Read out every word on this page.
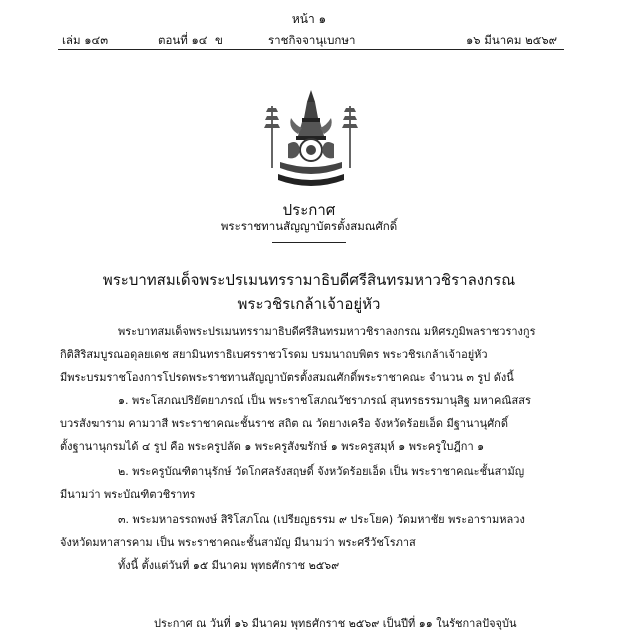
หน้า ๑
เล่ม ๑๔๓	ตอนที่ ๑๔ ข	ราชกิจจานุเบกษา	๑๖ มีนาคม ๒๕๖๙
ประกาศ
พระราชทานสัญญาบัตรตั้งสมณศักดิ์
พระบาทสมเด็จพระปรเมนทรรามาธิบดีศรีสินทรมหาวชิราลงกรณ
พระวชิรเกล้าเจ้าอยู่หัว
พระบาทสมเด็จพระปรเมนทรรามาธิบดีศรีสินทรมหาวชิราลงกรณ มหิศรภูมิพลราชวรางกูร
กิติสิริสมบูรณอดุลยเดช สยามินทราธิเบศรราชวโรดม บรมนาถบพิตร พระวชิรเกล้าเจ้าอยู่หัว
มีพระบรมราชโองการโปรดพระราชทานสัญญาบัตรตั้งสมณศักดิ์พระราชาคณะ จำนวน ๓ รูป ดังนี้
๑. พระโสภณปริยัตยาภรณ์ เป็น พระราชโสภณวัชราภรณ์ สุนทรธรรมานุสิฐ มหาคณิสสร
บวรสังฆาราม คามวาสี พระราชาคณะชั้นราช สถิต ณ วัดยางเครือ จังหวัดร้อยเอ็ด มีฐานานุศักดิ์
ตั้งฐานานุกรมได้ ๔ รูป คือ พระครูปลัด ๑ พระครูสังฆรักษ์ ๑ พระครูสมุห์ ๑ พระครูใบฎีกา ๑
๒. พระครูบัณฑิตานุรักษ์ วัดโกศลรังสฤษดิ์ จังหวัดร้อยเอ็ด เป็น พระราชาคณะชั้นสามัญ
มีนามว่า พระบัณฑิตวชิราทร
๓. พระมหาอรรถพงษ์ สิริโสภโณ (เปรียญธรรม ๙ ประโยค) วัดมหาชัย พระอารามหลวง
จังหวัดมหาสารคาม เป็น พระราชาคณะชั้นสามัญ มีนามว่า พระศรีวัชโรภาส
ทั้งนี้ ตั้งแต่วันที่ ๑๕ มีนาคม พุทธศักราช ๒๕๖๙
ประกาศ ณ วันที่ ๑๖ มีนาคม พุทธศักราช ๒๕๖๙ เป็นปีที่ ๑๑ ในรัชกาลปัจจุบัน
